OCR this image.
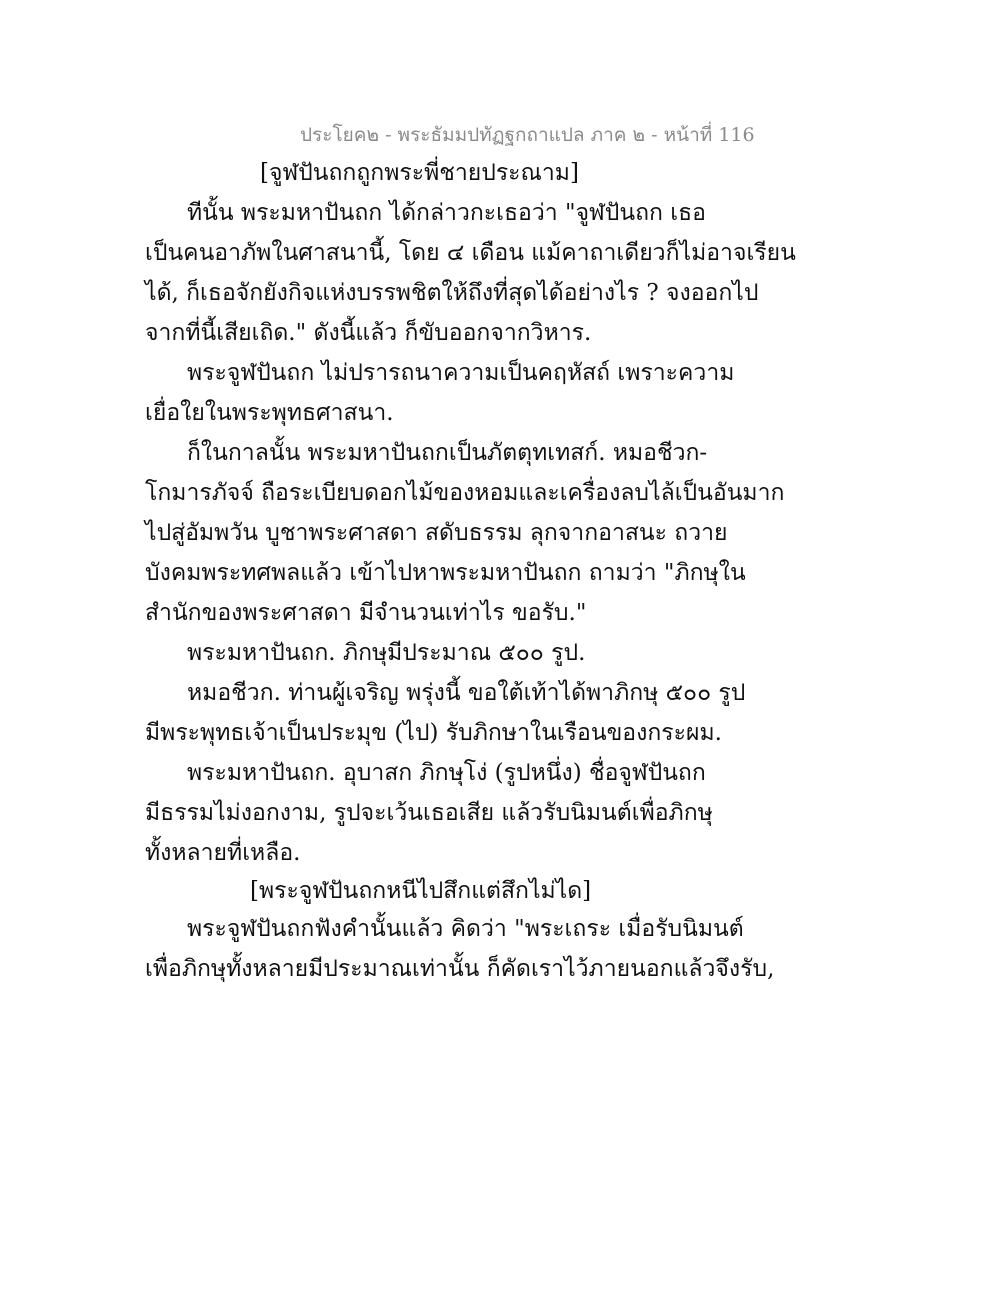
ประโยค๒ - พระธัมมปทัฏฐกถาแปล ภาค ๒ - หน้าที่ 116
[จูฬปันถกถูกพระพี่ชายประณาม]
ทีนั้น พระมหาปันถก ได้กล่าวกะเธอว่า "จูฬปันถก เธอ
เป็นคนอาภัพในศาสนานี้, โดย ๔ เดือน แม้คาถาเดียวก็ไม่อาจเรียน
ได้, ก็เธอจักยังกิจแห่งบรรพชิตให้ถึงที่สุดได้อย่างไร ? จงออกไป
จากที่นี้เสียเถิด." ดังนี้แล้ว ก็ขับออกจากวิหาร.
พระจูฬปันถก ไม่ปรารถนาความเป็นคฤหัสถ์ เพราะความ
เยื่อใยในพระพุทธศาสนา.
ก็ในกาลนั้น พระมหาปันถกเป็นภัตตุทเทสก์. หมอชีวก-
โกมารภัจจ์ ถือระเบียบดอกไม้ของหอมและเครื่องลบไล้เป็นอันมาก
ไปสู่อัมพวัน บูชาพระศาสดา สดับธรรม ลุกจากอาสนะ ถวาย
บังคมพระทศพลแล้ว เข้าไปหาพระมหาปันถก ถามว่า "ภิกษุใน
สำนักของพระศาสดา มีจำนวนเท่าไร ขอรับ."
พระมหาปันถก. ภิกษุมีประมาณ ๕๐๐ รูป.
หมอชีวก. ท่านผู้เจริญ พรุ่งนี้ ขอใต้เท้าได้พาภิกษุ ๕๐๐ รูป
มีพระพุทธเจ้าเป็นประมุข (ไป) รับภิกษาในเรือนของกระผม.
พระมหาปันถก. อุบาสก ภิกษุโง่ (รูปหนึ่ง) ชื่อจูฬปันถก
มีธรรมไม่งอกงาม, รูปจะเว้นเธอเสีย แล้วรับนิมนต์เพื่อภิกษุ
ทั้งหลายที่เหลือ.
[พระจูฬปันถกหนีไปสึกแต่สึกไม่ได]
พระจูฬปันถกฟังคำนั้นแล้ว คิดว่า "พระเถระ เมื่อรับนิมนต์
เพื่อภิกษุทั้งหลายมีประมาณเท่านั้น ก็คัดเราไว้ภายนอกแล้วจึงรับ,
